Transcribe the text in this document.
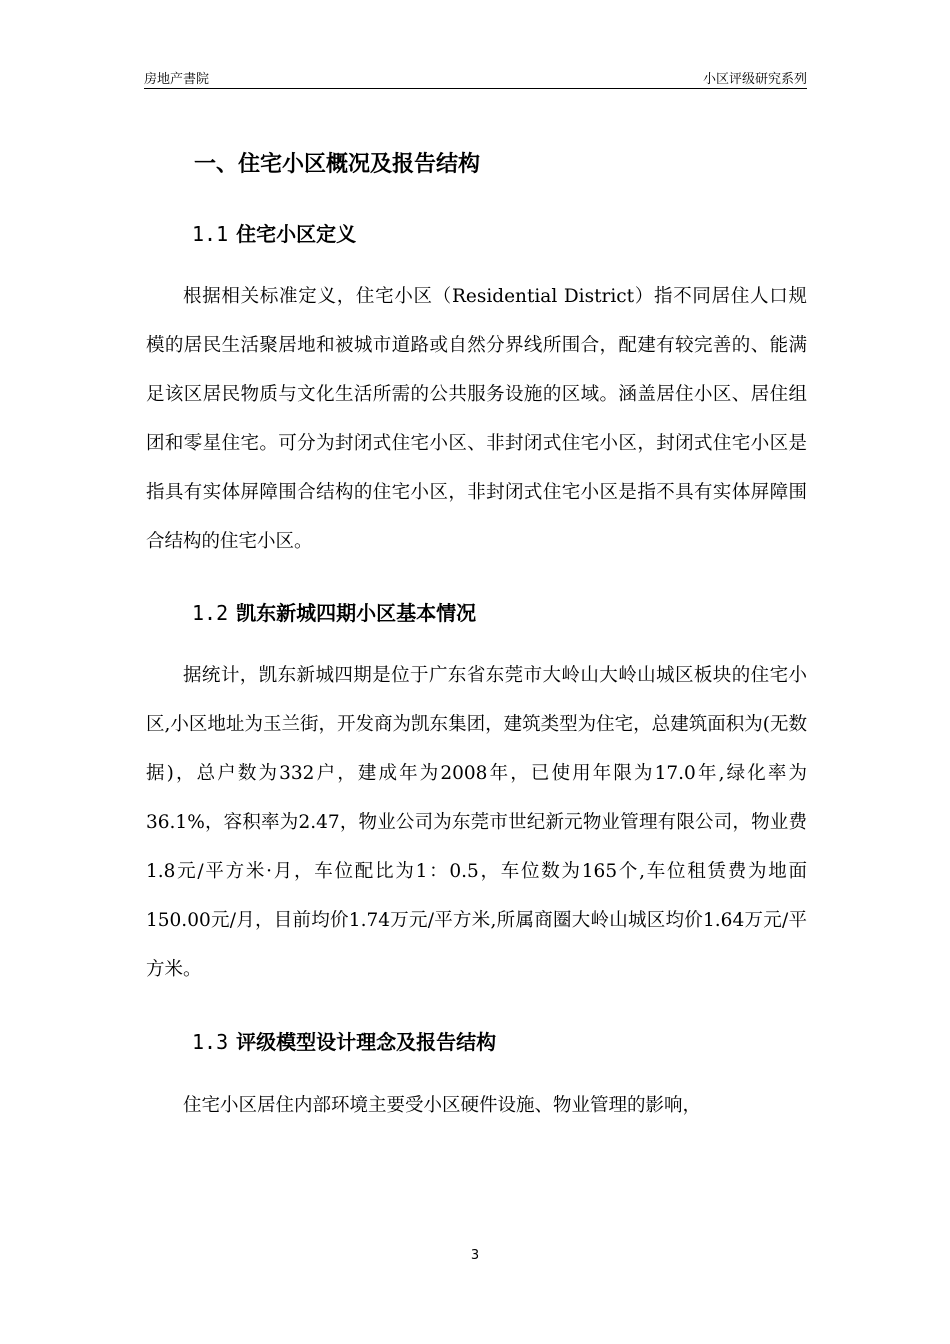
房地产書院	小区评级研究系列
一、住宅小区概况及报告结构
1.1 住宅小区定义

根据相关标准定义，住宅小区（Residential District）指不同居住人口规模的居民生活聚居地和被城市道路或自然分界线所围合，配建有较完善的、能满足该区居民物质与文化生活所需的公共服务设施的区域。涵盖居住小区、居住组团和零星住宅。可分为封闭式住宅小区、非封闭式住宅小区，封闭式住宅小区是指具有实体屏障围合结构的住宅小区，非封闭式住宅小区是指不具有实体屏障围合结构的住宅小区。

1.2 凯东新城四期小区基本情况

据统计，凯东新城四期是位于广东省东莞市大岭山大岭山城区板块的住宅小区,小区地址为玉兰街，开发商为凯东集团，建筑类型为住宅，总建筑面积为(无数据)，总户数为332户，建成年为2008年，已使用年限为17.0年,绿化率为36.1%，容积率为2.47，物业公司为东莞市世纪新元物业管理有限公司，物业费1.8元/平方米·月，车位配比为1：0.5，车位数为165个,车位租赁费为地面150.00元/月，目前均价1.74万元/平方米,所属商圈大岭山城区均价1.64万元/平方米。

1.3 评级模型设计理念及报告结构

住宅小区居住内部环境主要受小区硬件设施、物业管理的影响，

3
